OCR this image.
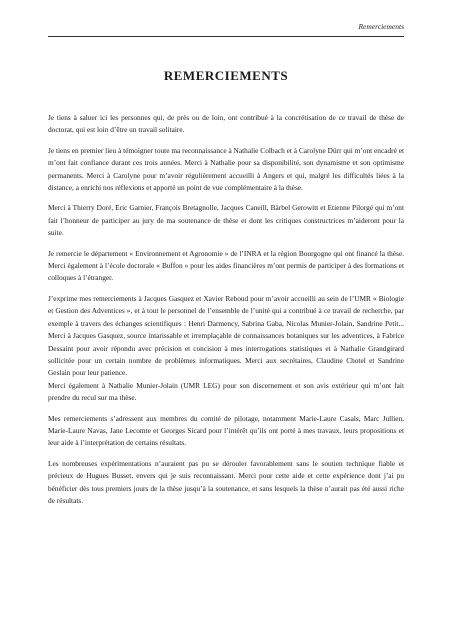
Remerciements
REMERCIEMENTS

Je tiens à saluer ici les personnes qui, de près ou de loin, ont contribué à la concrétisation de ce travail de thèse de doctorat, qui est loin d’être un travail solitaire.

Je tiens en premier lieu à témoigner toute ma reconnaissance à Nathalie Colbach et à Carolyne Dürr qui m’ont encadré et m’ont fait confiance durant ces trois années. Merci à Nathalie pour sa disponibilité, son dynamisme et son optimisme permanents. Merci à Carolyne pour m’avoir régulièrement accueilli à Angers et qui, malgré les difficultés liées à la distance, a enrichi nos réflexions et apporté un point de vue complémentaire à la thèse.

Merci à Thierry Doré, Eric Garnier, François Bretagnolle, Jacques Caneill, Bärbel Gerowitt et Etienne Pilorgé qui m’ont fait l’honneur de participer au jury de ma soutenance de thèse et dont les critiques constructrices m’aideront pour la suite.

Je remercie le département « Environnement et Agronomie » de l’INRA et la région Bourgogne qui ont financé la thèse. Merci également à l’école doctorale « Buffon » pour les aides financières m’ont permis de participer à des formations et colloques à l’étranger.

J’exprime mes remerciements à Jacques Gasquez et Xavier Reboud pour m’avoir accueilli au sein de l’UMR « Biologie et Gestion des Adventices », et à tout le personnel de l’ensemble de l’unité qui a contribué à ce travail de recherche, par exemple à travers des échanges scientifiques : Henri Darmency, Sabrina Gaba, Nicolas Munier-Jolain, Sandrine Petit... Merci à Jacques Gasquez, source intarissable et irremplaçable de connaissances botaniques sur les adventices, à Fabrice Dessaint pour avoir répondu avec précision et concision à mes interrogations statistiques et à Nathalie Grandgirard sollicitée pour un certain nombre de problèmes informatiques. Merci aux secrétaires, Claudine Chotel et Sandrine Geslain pour leur patience.

Merci également à Nathalie Munier-Jolain (UMR LEG) pour son discernement et son avis extérieur qui m’ont fait prendre du recul sur ma thèse.

Mes remerciements s’adressent aux membres du comité de pilotage, notamment Marie-Laure Casals, Marc Jullien, Marie-Laure Navas, Jane Lecomte et Georges Sicard pour l’intérêt qu’ils ont porté à mes travaux, leurs propositions et leur aide à l’interprétation de certains résultats.

Les nombreuses expérimentations n’auraient pas pu se dérouler favorablement sans le soutien technique fiable et précieux de Hugues Busset, envers qui je suis reconnaissant. Merci pour cette aide et cette expérience dont j’ai pu bénéficier dès tous premiers jours de la thèse jusqu’à la soutenance, et sans lesquels la thèse n’aurait pas été aussi riche de résultats.
